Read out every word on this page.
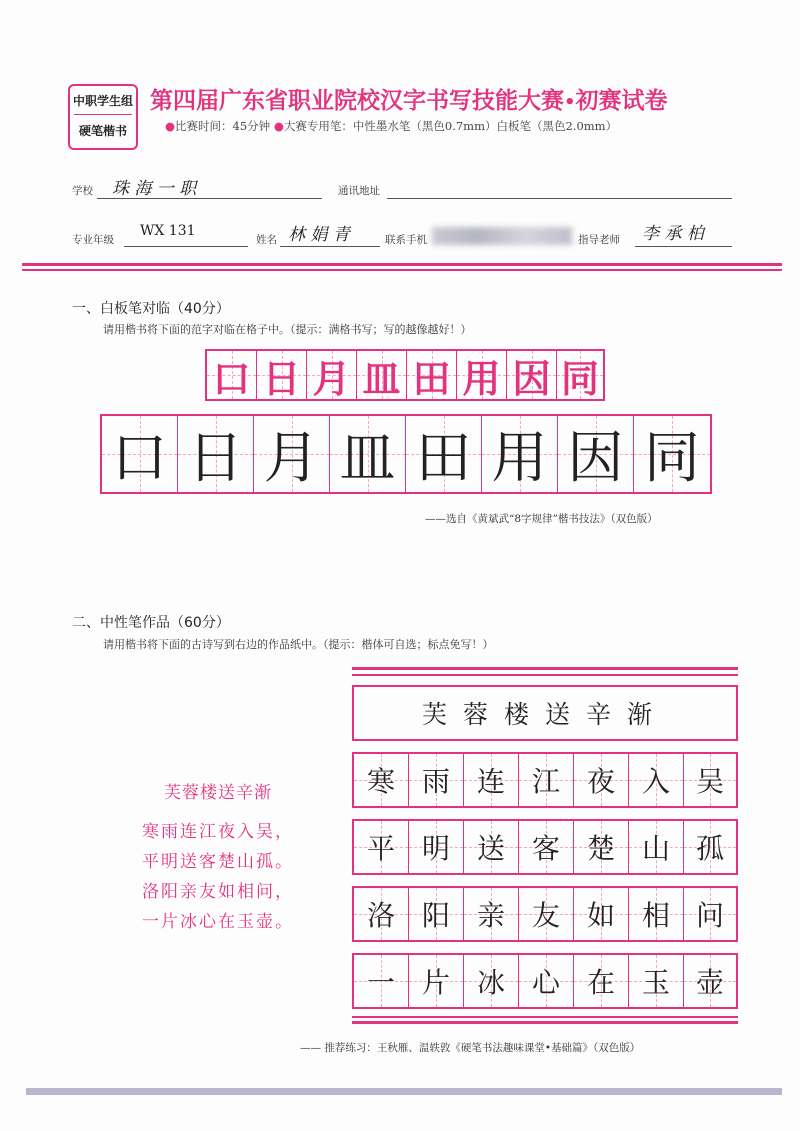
中职学生组
硬笔楷书
第四届广东省职业院校汉字书写技能大赛•初赛试卷
●比赛时间：45分钟 ●大赛专用笔：中性墨水笔（黑色0.7mm）白板笔（黑色2.0mm）
学校 珠 海 一 职	通讯地址
专业年级
WX 131
姓名 林 娟 青	联系手机	指导老师 李 承 柏
一、白板笔对临（40分）
请用楷书将下面的范字对临在格子中。（提示：满格书写；写的越像越好！）
口 日 月 皿 田 用 因 同
口 日 月 皿 田 用 因 同
——选自《黄斌武“8字规律”楷书技法》（双色版）
二、中性笔作品（60分）
请用楷书将下面的古诗写到右边的作品纸中。（提示：楷体可自选；标点免写！）
芙蓉楼送辛渐
寒 雨 连 江 夜 入 吴
平 明 送 客 楚 山 孤
洛 阳 亲 友 如 相 问
一 片 冰 心 在 玉 壶
芙蓉楼送辛渐
寒雨连江夜入吴，
平明送客楚山孤。
洛阳亲友如相问，
一片冰心在玉壶。
—— 推荐练习：王秋雁、温轶敦《硬笔书法趣味课堂•基础篇》（双色版）
